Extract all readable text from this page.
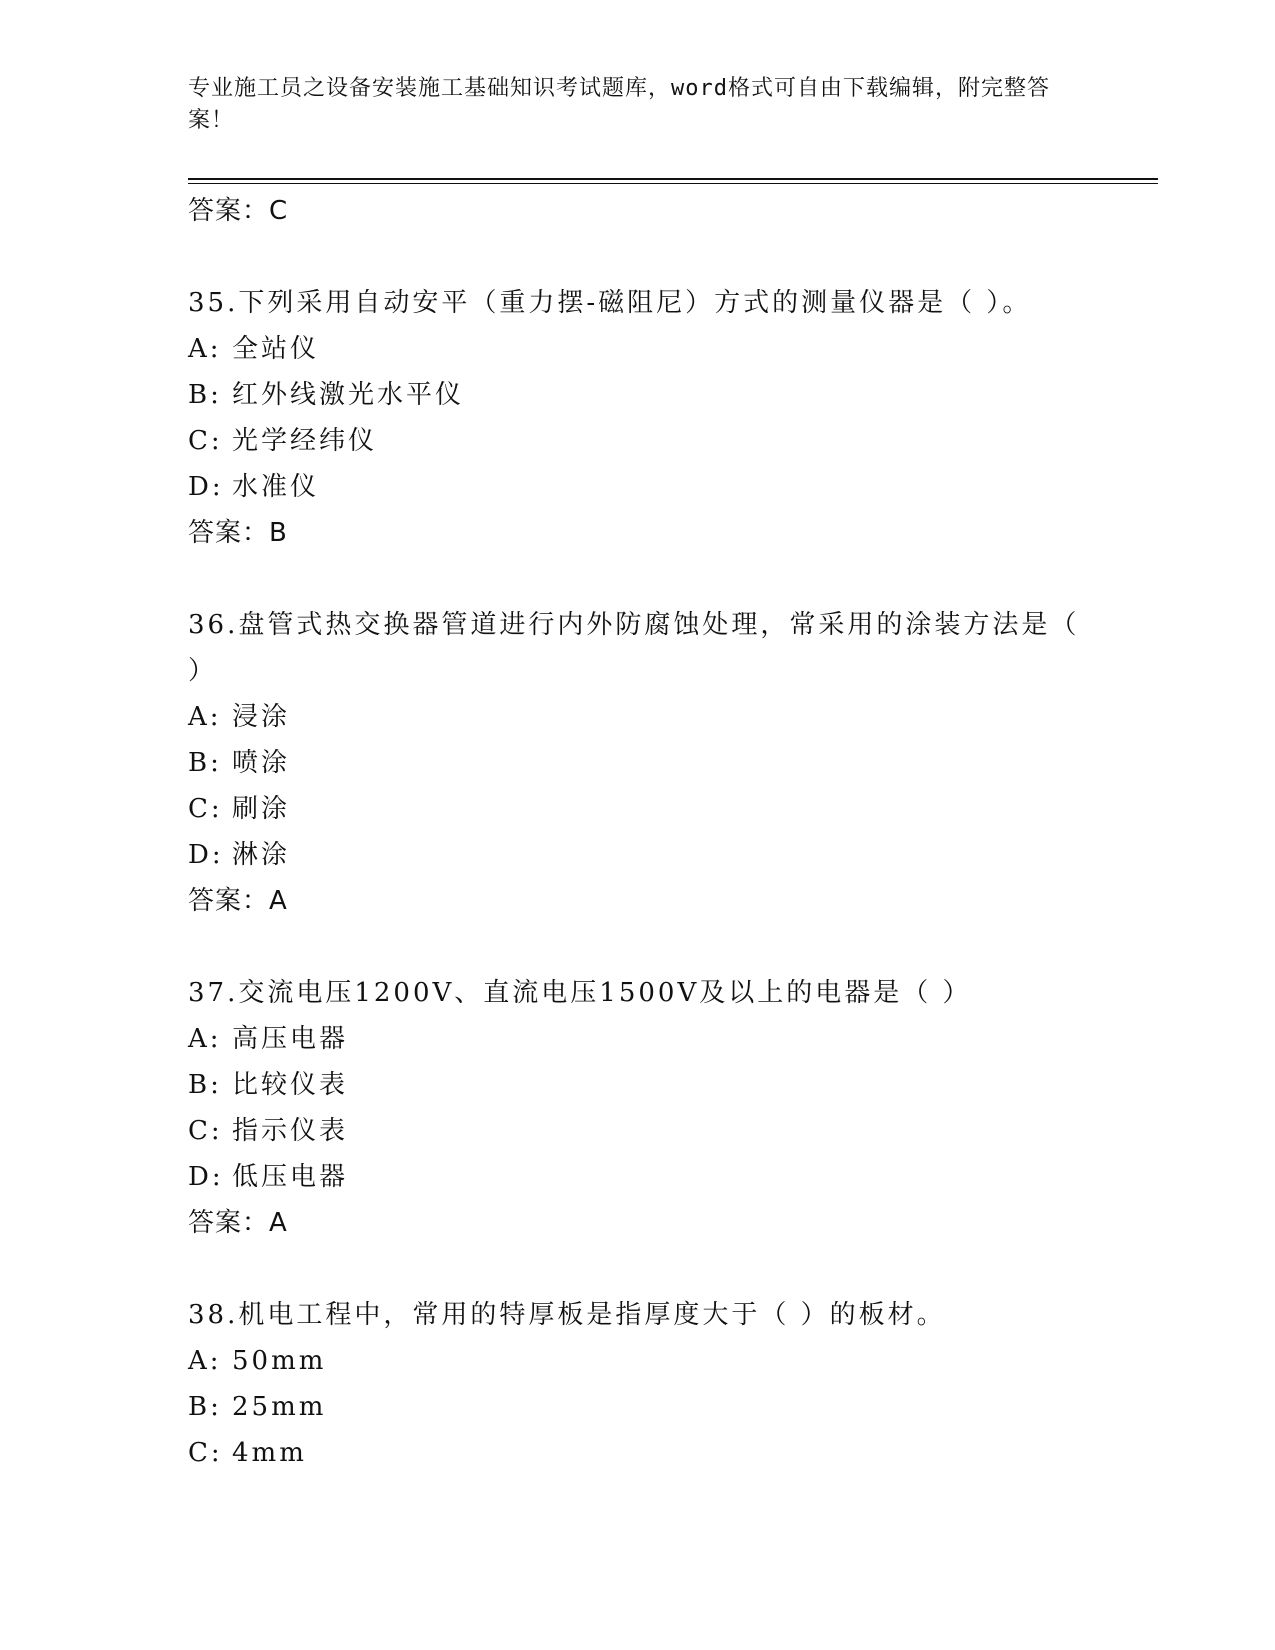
专业施工员之设备安装施工基础知识考试题库，word格式可自由下载编辑，附完整答案！
答案：C
35.下列采用自动安平（重力摆-磁阻尼）方式的测量仪器是（ ）。
A: 全站仪
B: 红外线激光水平仪
C: 光学经纬仪
D: 水准仪
答案：B
36.盘管式热交换器管道进行内外防腐蚀处理，常采用的涂装方法是（ ）
A: 浸涂
B: 喷涂
C: 刷涂
D: 淋涂
答案：A
37.交流电压1200V、直流电压1500V及以上的电器是（ ）
A: 高压电器
B: 比较仪表
C: 指示仪表
D: 低压电器
答案：A
38.机电工程中，常用的特厚板是指厚度大于（ ）的板材。
A: 50mm
B: 25mm
C: 4mm
